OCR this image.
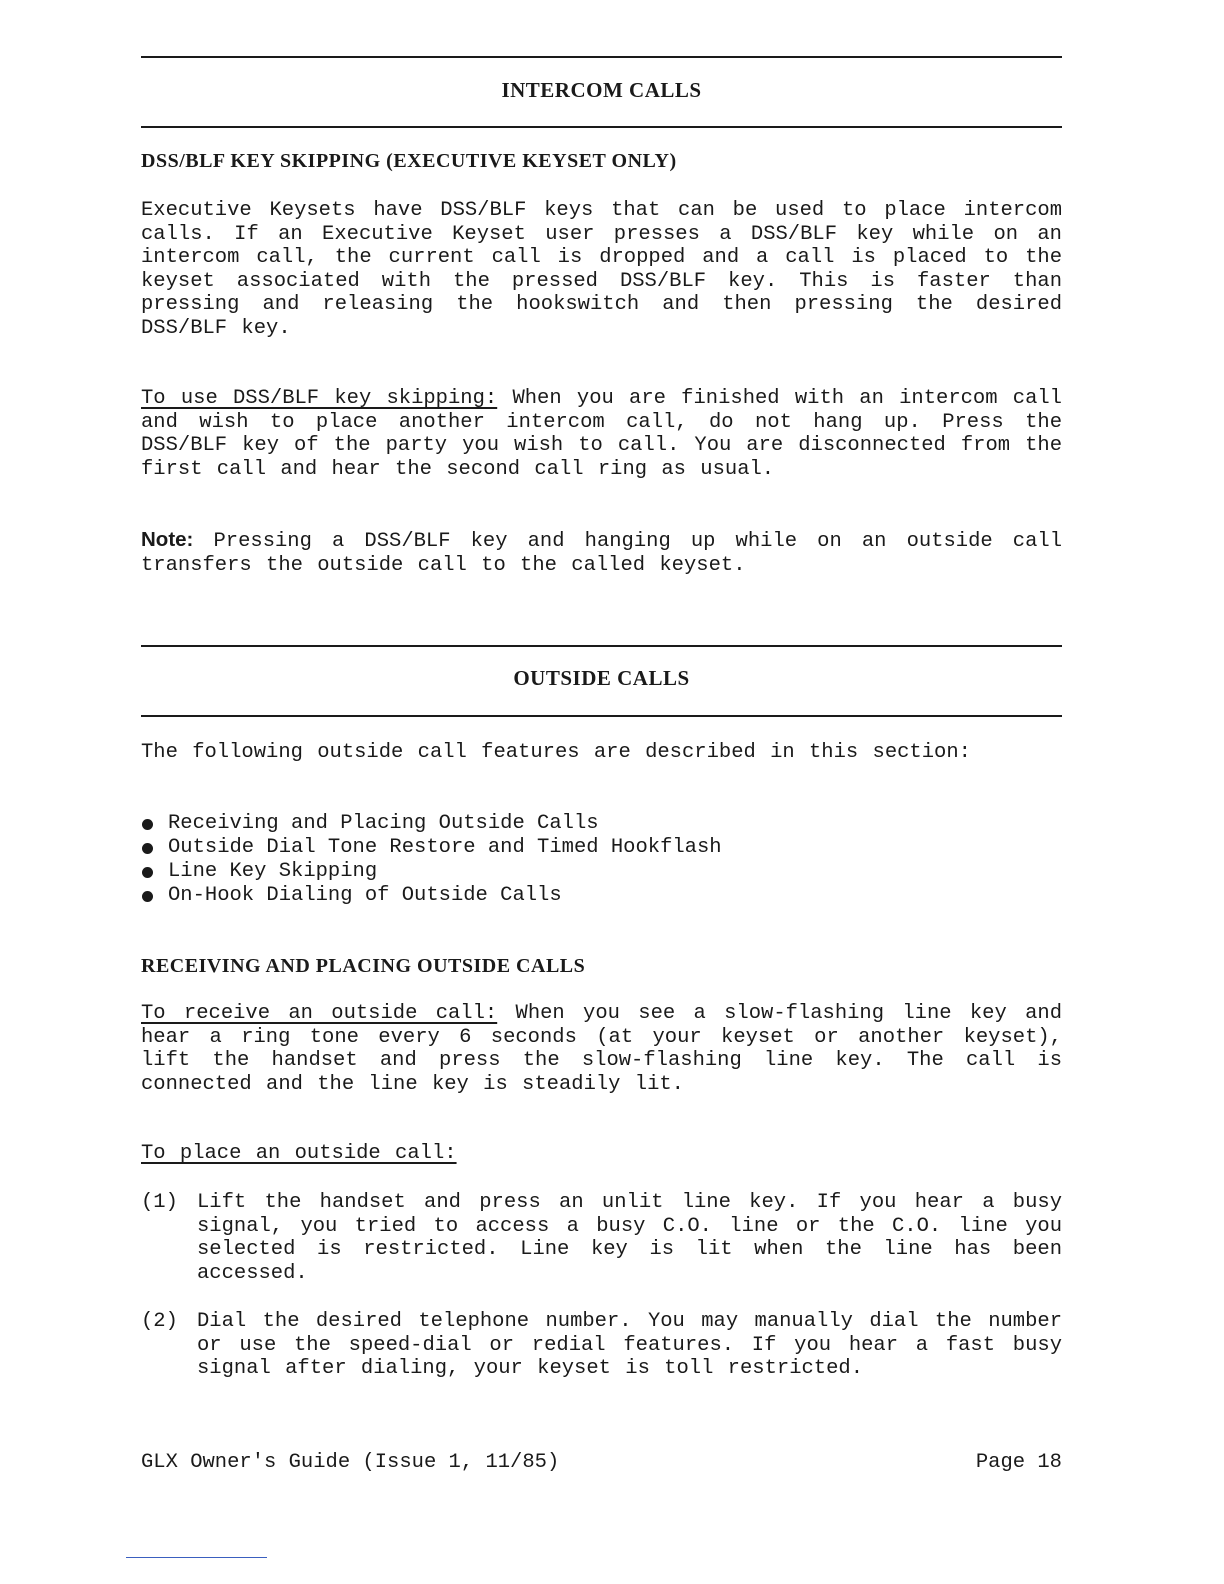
INTERCOM CALLS
DSS/BLF KEY SKIPPING (EXECUTIVE KEYSET ONLY)

Executive Keysets have DSS/BLF keys that can be used to place intercom calls. If an Executive Keyset user presses a DSS/BLF key while on an intercom call, the current call is dropped and a call is placed to the keyset associated with the pressed DSS/BLF key. This is faster than pressing and releasing the hookswitch and then pressing the desired DSS/BLF key.

To use DSS/BLF key skipping: When you are finished with an intercom call and wish to place another intercom call, do not hang up. Press the DSS/BLF key of the party you wish to call. You are disconnected from the first call and hear the second call ring as usual.

Note: Pressing a DSS/BLF key and hanging up while on an outside call transfers the outside call to the called keyset.

OUTSIDE CALLS

The following outside call features are described in this section:

Receiving and Placing Outside Calls
Outside Dial Tone Restore and Timed Hookflash
Line Key Skipping
On-Hook Dialing of Outside Calls
RECEIVING AND PLACING OUTSIDE CALLS

To receive an outside call: When you see a slow-flashing line key and hear a ring tone every 6 seconds (at your keyset or another keyset), lift the handset and press the slow-flashing line key. The call is connected and the line key is steadily lit.

To place an outside call:

(1) Lift the handset and press an unlit line key. If you hear a busy signal, you tried to access a busy C.O. line or the C.O. line you selected is restricted. Line key is lit when the line has been accessed.

(2) Dial the desired telephone number. You may manually dial the number or use the speed-dial or redial features. If you hear a fast busy signal after dialing, your keyset is toll restricted.

GLX Owner's Guide (Issue 1, 11/85)	Page 18
